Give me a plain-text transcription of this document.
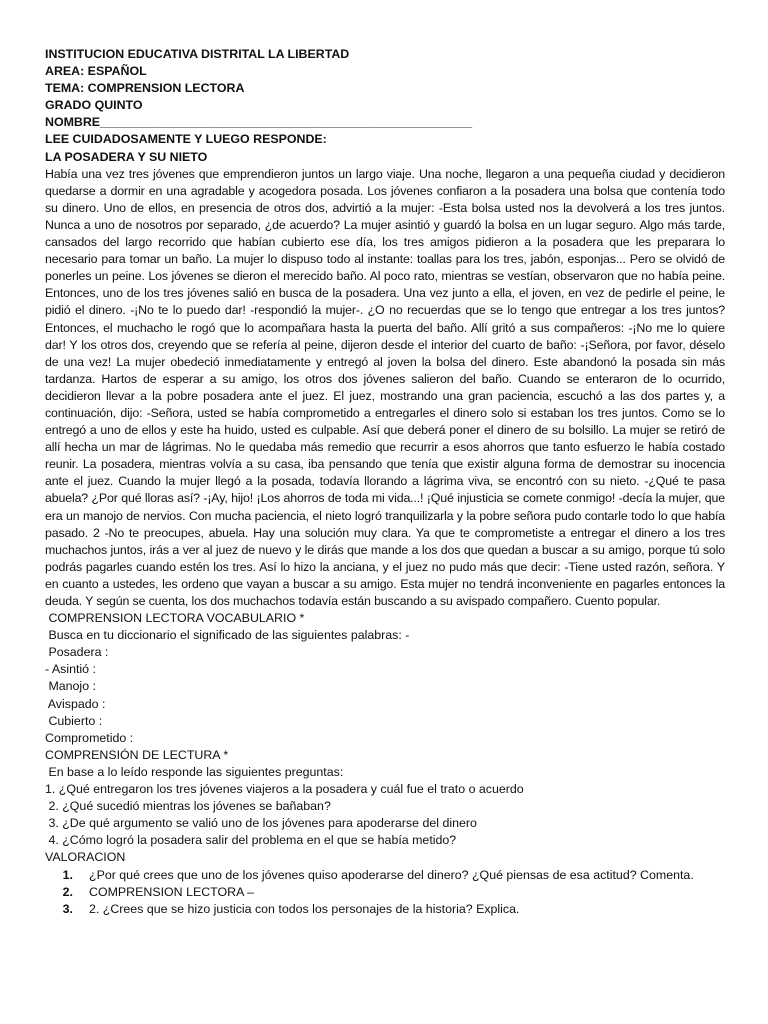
INSTITUCION EDUCATIVA DISTRITAL LA LIBERTAD

AREA: ESPAÑOL

TEMA: COMPRENSION LECTORA

GRADO QUINTO

NOMBRE______________________________________________________

LEE CUIDADOSAMENTE Y LUEGO RESPONDE:

LA POSADERA Y SU NIETO

Había una vez tres jóvenes que emprendieron juntos un largo viaje. Una noche, llegaron a una pequeña ciudad y decidieron quedarse a dormir en una agradable y acogedora posada. Los jóvenes confiaron a la posadera una bolsa que contenía todo su dinero. Uno de ellos, en presencia de otros dos, advirtió a la mujer: -Esta bolsa usted nos la devolverá a los tres juntos. Nunca a uno de nosotros por separado, ¿de acuerdo? La mujer asintió y guardó la bolsa en un lugar seguro. Algo más tarde, cansados del largo recorrido que habían cubierto ese día, los tres amigos pidieron a la posadera que les preparara lo necesario para tomar un baño. La mujer lo dispuso todo al instante: toallas para los tres, jabón, esponjas... Pero se olvidó de ponerles un peine. Los jóvenes se dieron el merecido baño. Al poco rato, mientras se vestían, observaron que no había peine. Entonces, uno de los tres jóvenes salió en busca de la posadera. Una vez junto a ella, el joven, en vez de pedirle el peine, le pidió el dinero. -¡No te lo puedo dar! -respondió la mujer-. ¿O no recuerdas que se lo tengo que entregar a los tres juntos? Entonces, el muchacho le rogó que lo acompañara hasta la puerta del baño. Allí gritó a sus compañeros: -¡No me lo quiere dar! Y los otros dos, creyendo que se refería al peine, dijeron desde el interior del cuarto de baño: -¡Señora, por favor, déselo de una vez! La mujer obedeció inmediatamente y entregó al joven la bolsa del dinero. Este abandonó la posada sin más tardanza. Hartos de esperar a su amigo, los otros dos jóvenes salieron del baño. Cuando se enteraron de lo ocurrido, decidieron llevar a la pobre posadera ante el juez. El juez, mostrando una gran paciencia, escuchó a las dos partes y, a continuación, dijo: -Señora, usted se había comprometido a entregarles el dinero solo si estaban los tres juntos. Como se lo entregó a uno de ellos y este ha huido, usted es culpable. Así que deberá poner el dinero de su bolsillo. La mujer se retiró de allí hecha un mar de lágrimas. No le quedaba más remedio que recurrir a esos ahorros que tanto esfuerzo le había costado reunir. La posadera, mientras volvía a su casa, iba pensando que tenía que existir alguna forma de demostrar su inocencia ante el juez. Cuando la mujer llegó a la posada, todavía llorando a lágrima viva, se encontró con su nieto. -¿Qué te pasa abuela? ¿Por qué lloras así? -¡Ay, hijo! ¡Los ahorros de toda mi vida...! ¡Qué injusticia se comete conmigo! -decía la mujer, que era un manojo de nervios. Con mucha paciencia, el nieto logró tranquilizarla y la pobre señora pudo contarle todo lo que había pasado. 2 -No te preocupes, abuela. Hay una solución muy clara. Ya que te comprometiste a entregar el dinero a los tres muchachos juntos, irás a ver al juez de nuevo y le dirás que mande a los dos que quedan a buscar a su amigo, porque tú solo podrás pagarles cuando estén los tres. Así lo hizo la anciana, y el juez no pudo más que decir: -Tiene usted razón, señora. Y en cuanto a ustedes, les ordeno que vayan a buscar a su amigo. Esta mujer no tendrá inconveniente en pagarles entonces la deuda. Y según se cuenta, los dos muchachos todavía están buscando a su avispado compañero. Cuento popular.

COMPRENSION LECTORA VOCABULARIO *

Busca en tu diccionario el significado de las siguientes palabras: -

Posadera :
- Asintió :
Manojo :
Avispado :
Cubierto :
Comprometido :

COMPRENSIÓN DE LECTURA *

En base a lo leído responde las siguientes preguntas:

1. ¿Qué entregaron los tres jóvenes viajeros a la posadera y cuál fue el trato o acuerdo
2. ¿Qué sucedió mientras los jóvenes se bañaban?
3. ¿De qué argumento se valió uno de los jóvenes para apoderarse del dinero
4. ¿Cómo logró la posadera salir del problema en el que se había metido?

VALORACION

1.	¿Por qué crees que uno de los jóvenes quiso apoderarse del dinero? ¿Qué piensas de esa actitud? Comenta.
2.	COMPRENSION LECTORA –
3.	2. ¿Crees que se hizo justicia con todos los personajes de la historia? Explica.
